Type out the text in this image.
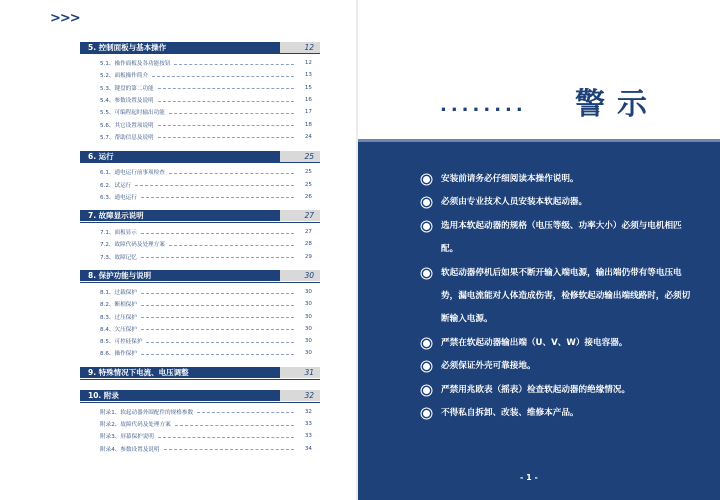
>>>
5. 控制面板与基本操作	12
5.1、操作面板及各功能按钮	12
5.2、面板操作简介	13
5.3、键盘的第二功能	15
5.4、参数设置及说明	16
5.5、可编程起时输出功能	17
5.6、其它设置项说明	18
5.7、帮助信息及说明	24
6. 运行	25
6.1、通电运行前事项检查	25
6.2、试运行	25
6.3、通电运行	26
7. 故障显示说明	27
7.1、面板显示	27
7.2、故障代码及处理方案	28
7.3、故障记忆	29
8. 保护功能与说明	30
8.1、过载保护	30
8.2、断相保护	30
8.3、过压保护	30
8.4、欠压保护	30
8.5、可控硅保护	30
8.6、操作保护	30
9. 特殊情况下电流、电压调整	31
10. 附录	32
附录1、软起动器外围配件的规格参数	32
附录2、故障代码及处理方案	33
附录3、屏幕保护说明	33
附录4、参数设置及说明	34
........ 警示
安装前请务必仔细阅读本操作说明。
必须由专业技术人员安装本软起动器。
选用本软起动器的规格（电压等级、功率大小）必须与电机相匹配。
软起动器停机后如果不断开输入端电源，输出端仍带有等电压电势，漏电流能对人体造成伤害，检修软起动输出端线路时，必须切断输入电源。
严禁在软起动器输出端（U、V、W）接电容器。
必须保证外壳可靠接地。
严禁用兆欧表（摇表）检查软起动器的绝缘情况。
不得私自拆卸、改装、维修本产品。
- 1 -
